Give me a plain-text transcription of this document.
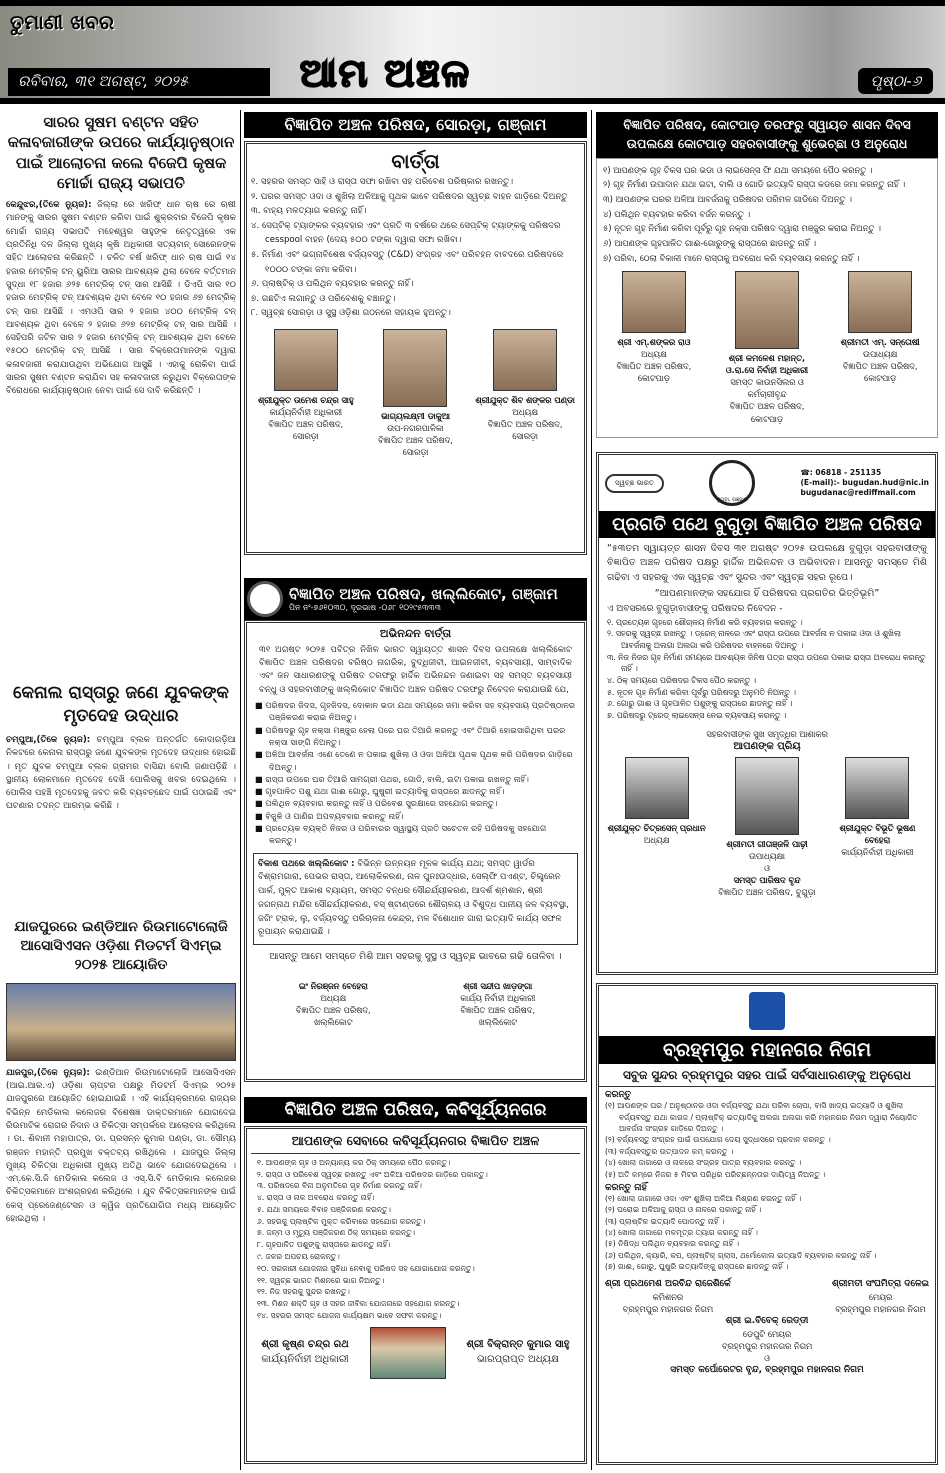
ତୁମାଣୀ ଖବର
ରବିବାର, ୩୧ ଅଗଷ୍ଟ, ୨୦୨୫	ଆମ ଅଞ୍ଚଳ	ପୃଷ୍ଠା-୬
ସାରର ସୁଷମ ବଣ୍ଟନ ସହିତ କଳାବଜାରୀଙ୍କ ଉପରେ କାର୍ଯ୍ୟାନୁଷ୍ଠାନ ପାଇଁ ଆଲୋଚନା କଲେ ବିଜେପି କୃଷକ ମୋର୍ଚ୍ଚା ରାଜ୍ୟ ସଭାପତି
କେନ୍ଦୁଝର,(ତିକେ ନ୍ୟୁଜ): ଜିଲ୍ଲା ରେ ଖରିଫ୍ ଧାନ ଋଷ ରେ ଋଷୀ ମାନଙ୍କୁ ସାରର ସୁଷମ ବଣ୍ଟନ କରିବା ପାଇଁ ଶୁକ୍ରବାର ବିଜେପି କୃଷକ ମୋର୍ଚ୍ଚା ରାଜ୍ୟ ସଭାପତି ମହେଶ୍ୱର ସାହୁଙ୍କ ନେତୃତ୍ୱରେ ଏକ ପ୍ରତିନିଧି ଦଳ ଜିଲ୍ଲା ମୁଖ୍ୟ କୃଷି ଅଧିକାରୀ ସତ୍ୟବାନ୍ ସୋରେନଙ୍କ ସହିତ ଆଲୋଚନା କରିଛନ୍ତି । ଚଳିତ ବର୍ଷ ଖରିଫ୍ ଧାନ ଋଷ ପାଇଁ ୧୪ ହଜାର ମେଟ୍ରିକ୍ ଟନ୍ ୟୁରିଆ ସାରର ଆବଶ୍ୟକ ଥିଲା ବେଳେ ବର୍ତ୍ତମାନ ସୁଦ୍ଧା ୧୮ ହଜାର ୬୨୫ ମେଟ୍ରିକ୍ ଟନ୍ ସାର ଆସିଛି । ଡିଏପି ସାର ୧୦ ହଜାର ମେଟ୍ରିକ୍ ଟନ୍ ଆବଶ୍ୟକ ଥିବା ବେଳେ ୧୦ ହଜାର ୬୭ ମେଟ୍ରିକ୍ ଟନ୍ ସାର ଆସିଛି । ଏମଓପି ସାର ୨ ହଜାର ୪୦୦ ମେଟ୍ରିକ୍ ଟନ୍ ଆବଶ୍ୟକ ଥିବା ବେଳେ ୨ ହଜାର ୬୨୭ ମେଟ୍ରିକ୍ ଟନ୍ ସାର ଆସିଛି । ସେହିପରି ଜଟିଳ ସାର ୨ ହଜାର ମେଟ୍ରିକ୍ ଟନ୍ ଆବଶ୍ୟକ ଥିବା ବେଳେ ୧୫୦୦ ମେଟ୍ରିକ୍ ଟନ୍ ଆସିଛି । ସାର ବିକ୍ରେତାମାନଙ୍କ ଦ୍ୱାରା କଳାବଜାରୀ କରାଯାଉଥିବା ଅଭିଯୋଗ ଆସୁଛି । ଏହାକୁ ରୋକିବା ପାଇଁ ସାରର ସୁଷମ ବଣ୍ଟନ କରାଯିବା ସହ କଳାବଜାରୀ କରୁଥିବା ବିକ୍ରେତାଙ୍କ ବିରୋଧରେ କାର୍ଯ୍ୟାନୁଷ୍ଠାନ ନେବା ପାଇଁ ସେ ଦାବି କରିଛନ୍ତି ।
କେନାଲ ରାସ୍ତାରୁ ଜଣେ ଯୁବକଙ୍କ ମୃତଦେହ ଉଦ୍ଧାର
ଚମ୍ପୁଆ,(ତିକେ ନ୍ୟୁଜ): ଚମ୍ପୁଆ ବ୍ଲକ ଅନ୍ତର୍ଗତ କୋଦାଗଡ଼ିଆ ନିକଟରେ କେନାଲ ରାସ୍ତାରୁ ଜଣେ ଯୁବକଙ୍କ ମୃତଦେହ ଉଦ୍ଧାର ହୋଇଛି । ମୃତ ଯୁବକ ଚମ୍ପୁଆ ବ୍ଲକ ଗ୍ରାମର ବାସିନ୍ଦା ବୋଲି ଜଣାପଡ଼ିଛି । ସ୍ଥାନୀୟ ଲୋକମାନେ ମୃତଦେହ ଦେଖି ପୋଲିସକୁ ଖବର ଦେଇଥିଲେ । ପୋଲିସ ପହଞ୍ଚି ମୃତଦେହକୁ ଜବତ କରି ବ୍ୟବଚ୍ଛେଦ ପାଇଁ ପଠାଇଛି ଏବଂ ଘଟଣାର ତଦନ୍ତ ଆରମ୍ଭ କରିଛି ।
ଯାଜପୁରରେ ଇଣ୍ଡିଆନ ରିଉମାଟୋଲୋଜି ଆସୋସିଏସନ ଓଡ଼ିଶା ମିଡଟର୍ମ ସିଏମ୍ଇ ୨୦୨୫ ଆୟୋଜିତ
ଯାଜପୁର,(ତିକେ ନ୍ୟୁଜ): ଇଣ୍ଡିଆନ ରିଉମାଟୋଲୋଜି ଆସୋସିଏସନ (ଆଇ.ଆର.ଏ) ଓଡ଼ିଶା ଚାପ୍ଟର ପକ୍ଷରୁ ମିଡଟର୍ମ ସିଏମ୍ଇ ୨୦୨୫ ଯାଜପୁରରେ ଆୟୋଜିତ ହୋଇଯାଇଛି । ଏହି କାର୍ଯ୍ୟକ୍ରମରେ ରାଜ୍ୟର ବିଭିନ୍ନ ମେଡିକାଲ କଲେଜର ବିଶେଷଜ୍ଞ ଡାକ୍ତରମାନେ ଯୋଗଦେଇ ରିଉମାଟିକ ରୋଗର ନିଦାନ ଓ ଚିକିତ୍ସା ସମ୍ପର୍କରେ ଆଲୋଚନା କରିଥିଲେ । ଡା. ଶିବାନୀ ମହାପାତ୍ର, ଡା. ପ୍ରସନ୍ନ କୁମାର ପଣ୍ଡା, ଡା. ସୌମ୍ୟ ରଞ୍ଜନ ମହାନ୍ତି ପ୍ରମୁଖ ବକ୍ତବ୍ୟ ରଖିଥିଲେ । ଯାଜପୁର ଜିଲ୍ଲା ମୁଖ୍ୟ ଚିକିତ୍ସା ଅଧିକାରୀ ମୁଖ୍ୟ ଅତିଥି ଭାବେ ଯୋଗଦେଇଥିଲେ । ଏମ୍.କେ.ସି.ଜି ମେଡିକାଲ କଲେଜ ଓ ଏସ୍.ସି.ବି ମେଡିକାଲ କଲେଜର ଚିକିତ୍ସକମାନେ ଅଂଶଗ୍ରହଣ କରିଥିଲେ । ଯୁବ ଚିକିତ୍ସକମାନଙ୍କ ପାଇଁ କେସ୍ ପ୍ରେଜେଣ୍ଟେସନ ଓ କ୍ୱିଜ ପ୍ରତିଯୋଗିତା ମଧ୍ୟ ଆୟୋଜିତ ହୋଇଥିଲା ।
ବିଜ୍ଞାପିତ ଅଞ୍ଚଳ ପରିଷଦ, ସୋରଡ଼ା, ଗଞ୍ଜାମ
ବାର୍ତ୍ତା
୧. ସହରର ସମସ୍ତ ସାହି ଓ ରାସ୍ତା ସଫା ରଖିବା ସହ ପରିବେଶ ପରିଷ୍କାର ରଖନ୍ତୁ।
୨. ଘରର ସମସ୍ତ ଓଦା ଓ ଶୁଖିଲା ଅଳିଆକୁ ପୃଥକ ଭାବେ ପରିଷଦର ସ୍ୱଚ୍ଛ ବାହନ ଗାଡ଼ିରେ ଦିଅନ୍ତୁ
୩. ବାହ୍ୟ ମଳତ୍ୟାଗ କରନ୍ତୁ ନାହିଁ।
୪. ସେପ୍ଟିକ୍ ଟ୍ୟାଙ୍କର ବ୍ୟବହାର ଏବଂ ପ୍ରତି ୩ ବର୍ଷରେ ଥରେ ସେପ୍ଟିକ୍ ଟ୍ୟାଙ୍କକୁ ପରିଷଦର cesspool ବାହନ (ଦେୟ ୫୦୦ ଟଙ୍କା ଦ୍ୱାରା ସଫା ରଖିବା।
୫. ନିର୍ମାଣ ଏବଂ ଭଗ୍ନାବିଶେଷ ବର୍ଜ୍ୟବସ୍ତୁ (C&D) ସଂଗ୍ରହ ଏବଂ ପରିବହନ ବାବଦରେ ପରିଷଦରେ ୧୦୦୦ ଟଙ୍କା ଜମା କରିବା।
୬. ପ୍ଲାଷ୍ଟିକ୍ ଓ ପଲିଥିନ ବ୍ୟବହାର କରନ୍ତୁ ନାହିଁ।
୭. ଗଛଟିଏ ଲଗାନ୍ତୁ ଓ ପରିବେଶକୁ ବଞ୍ଚାନ୍ତୁ।
୮. ସ୍ୱଚ୍ଛ ସୋରଡ଼ା ଓ ସୁସ୍ଥ ଓଡ଼ିଶା ଗଠନରେ ସହାୟକ ହୁଅନ୍ତୁ।
ଶ୍ରୀଯୁକ୍ତ ଉମେଶ ଚନ୍ଦ୍ର ସାହୁ
କାର୍ଯ୍ୟନିର୍ବାହୀ ଅଧିକାରୀ
ବିଜ୍ଞାପିତ ଅଞ୍ଚଳ ପରିଷଦ, ସୋରଡ଼ା
ଭାଗ୍ୟଲକ୍ଷ୍ମୀ ଡାକୁଆ
ଉପ-ନଗରପାଳିକା
ବିଜ୍ଞାପିତ ଅଞ୍ଚଳ ପରିଷଦ, ସୋରଡ଼ା
ଶ୍ରୀଯୁକ୍ତ ଶିବ ଶଙ୍କର ପଣ୍ଡା
ଅଧ୍ୟକ୍ଷ
ବିଜ୍ଞାପିତ ଅଞ୍ଚଳ ପରିଷଦ, ସୋରଡ଼ା
ବିଜ୍ଞାପିତ ଅଞ୍ଚଳ ପରିଷଦ, ଖଲ୍ଲିକୋଟ, ଗଞ୍ଜାମ
ପିନ ନଂ-୭୬୧୦୩୦, ଦୂରଭାଷ -୦୬୮ ୧୦୨୯୫୩୩୩
ଅଭିନନ୍ଦନ ବାର୍ତ୍ତା
୩୧ ଅଗଷ୍ଟ ୨୦୨୫ ପବିତ୍ର ନିଖିଳ ଭାରତ ସ୍ୱାୟତ୍ତ ଶାସନ ଦିବସ ଉପଲକ୍ଷେ ଖଲ୍ଲିକୋଟ ବିଜ୍ଞାପିତ ଅଞ୍ଚଳ ପରିଷଦର ବରିଷ୍ଠ ନାଗରିକ, ବୁଦ୍ଧିଜୀବୀ, ଆଇନଜୀବୀ, ବ୍ୟବସାୟୀ, ସାମ୍ବାଦିକ ଏବଂ ଜନ ସାଧାରଣଙ୍କୁ ପରିଷଦ ତରଫରୁ ହାର୍ଦ୍ଦିକ ଅଭିନନ୍ଦନ ଜଣାଇବା ସହ ସମସ୍ତ ବ୍ୟବସାୟୀ ବନ୍ଧୁ ଓ ସହରବାସୀଙ୍କୁ ଖଲ୍ଲିକୋଟ ବିଜ୍ଞାପିତ ଅଞ୍ଚଳ ପରିଷଦ ତରଫରୁ ନିବେଦନ କରାଯାଉଛି ଯେ,
■ ପରିଷଦର ଜିଦସ, ଗୃହଜିଦସ, ଦୋକାନ ଭଡା ଯଥା ସମୟରେ ଜମା କରିବା ସହ ବ୍ୟବସାୟ ପ୍ରତିଷ୍ଠାନର ପଞ୍ଜିକରଣ କରାଇ ନିଅନ୍ତୁ।
■ ପରିଷଦରୁ ଗୃହ ନକ୍ସା ମଞ୍ଜୁର ହେଲା ପରେ ଘର ତିଆରି କରନ୍ତୁ ଏବଂ ତିଆରି ହୋଇସାରିଥିବା ଘରର ନକ୍ସା ସାଙ୍ଗି ନିଅନ୍ତୁ।
■ ଅଳିଆ ଆବର୍ଜନା ଏଣେ ତେଣେ ନ ପକାଇ ଶୁଖିଲା ଓ ଓଦା ଅଳିଆ ପୃଥକ ପୃଥକ କରି ପରିଷଦର ଗାଡ଼ିରେ ଦିଅନ୍ତୁ।
■ ରାସ୍ତା ଉପରେ ଘର ତିଆରି ସାମଗ୍ରୀ ପଥର, ଗୋଡି, ବାଲି, ଇଟା ପକାଇ ରଖନ୍ତୁ ନାହିଁ।
■ ଗୃହପାଳିତ ପଶୁ ଯଥା ଗାଈ ଗୋରୁ, ଘୁଷୁରୀ ଇତ୍ୟାଦିକୁ ରାସ୍ତାରେ ଛାଡନ୍ତୁ ନାହିଁ।
■ ପଲିଥିନ ବ୍ୟବହାର କରନ୍ତୁ ନାହିଁ ଓ ପରିବେଶ ସୁରକ୍ଷାରେ ସହଯୋଗ କରନ୍ତୁ।
■ ବିଜୁଳି ଓ ପାଣିର ଅପବ୍ୟବହାର କରନ୍ତୁ ନାହିଁ।
■ ପ୍ରତ୍ୟେକ ବ୍ୟକ୍ତି ନିଜର ଓ ପରିବାରର ସ୍ୱାସ୍ଥ୍ୟ ପ୍ରତି ସଚେତନ ରହି ପରିଷଦକୁ ସହଯୋଗ କରନ୍ତୁ।
ବିକାଶ ପଥରେ ଖଲ୍ଲିକୋଟ : ବିଭିନ୍ନ ଉନ୍ନୟନ ମୂଳକ କାର୍ଯ୍ୟ ଯଥା; ସମସ୍ତ ୱାର୍ଡର ବିଶ୍ରାମଗାରା, ପେଭର ରାସ୍ତା, ଆଲୋକିକରଣ, ନାଳ ପୁନଃଉଦ୍ଧାର, ସେଲ୍ଫି ପଏଣ୍ଟ, ଚିଲ୍ଡ୍ରେନ ପାର୍କ, ମୁକ୍ତ ଆକାଶ ବ୍ୟାୟମ, ସମସ୍ତ ବନ୍ଧର ସୌନ୍ଦର୍ଯ୍ୟୀକରଣ, ଆଦର୍ଶ ଶ୍ମଶାନ, ଶ୍ରୀ ଜଗନ୍ନାଥ ମନ୍ଦିର ସୌନ୍ଦର୍ଯ୍ୟୀକରଣ, ବସ୍ ଷ୍ଟାଣ୍ଡରେ ଶୌଚାଳୟ ଓ ବିଶୁଦ୍ଧ ପାନୀୟ ଜଳ ବ୍ୟବସ୍ଥା, ଜଗିଂ ଟ୍ରାକ, ଲୁ, ବର୍ଜ୍ୟବସ୍ତୁ ପରିଚାଳନା କେନ୍ଦ୍ର, ମଳ ବିଶୋଧାନ ଗାରା ଇତ୍ୟାଦି କାର୍ଯ୍ୟ ସଫଳ ରୂପାୟନ କରାଯାଇଛି ।
ଆସନ୍ତୁ ଆମେ ସମସ୍ତେ ମିଶି ଆମ ସହରକୁ ସୁସ୍ଥ ଓ ସ୍ୱଚ୍ଛ ଭାବରେ ଗଢି ତୋଳିବା ।
ଇଂ ନିରଞ୍ଜନ ବେହେରା
ଅଧ୍ୟକ୍ଷ
ବିଜ୍ଞାପିତ ଅଞ୍ଚଳ ପରିଷଦ, ଖଲ୍ଲିକୋଟ
ଶ୍ରୀ ସନ୍ଦୀପ ଖାଡ଼ଙ୍ଗା
କାର୍ଯ୍ୟ ନିର୍ବାହୀ ଅଧିକାରୀ
ବିଜ୍ଞାପିତ ଅଞ୍ଚଳ ପରିଷଦ, ଖଲ୍ଲିକୋଟ
ବିଜ୍ଞାପିତ ଅଞ୍ଚଳ ପରିଷଦ, କବିସୂର୍ଯ୍ୟନଗର
ଆପଣଙ୍କ ସେବାରେ କବିସୂର୍ଯ୍ୟନଗର ବିଜ୍ଞାପିତ ଅଞ୍ଚଳ
୧. ଆପଣଙ୍କ ଗୃହ ଓ ଅନ୍ୟାନ୍ୟ କର ଠିକ୍ ସମୟରେ ପୈଠ କରନ୍ତୁ।
୨. ରାସ୍ତା ଓ ପରିବେଶ ସ୍ୱଚ୍ଛ ରଖନ୍ତୁ ଏବଂ ଅଳିଆ ପରିଷଦର ଗାଡ଼ିରେ ପକାନ୍ତୁ।
୩. ପରିଷଦରେ ବିନା ଅନୁମତିରେ ଗୃହ ନିର୍ମାଣ କରନ୍ତୁ ନାହିଁ।
୪. ରାସ୍ତା ଓ ନାଳ ଅବରୋଧ କରନ୍ତୁ ନାହିଁ।
୫. ଯଥା ସମୟରେ ବିବାହ ପଞ୍ଜିକରଣ କରନ୍ତୁ।
୬. ସହରକୁ ପ୍ଲାଷ୍ଟିକ ମୁକ୍ତ କରିବାରେ ସହଯୋଗ କରନ୍ତୁ।
୭. ଜନ୍ମ ଓ ମୃତ୍ୟୁ ପଞ୍ଜିକରଣ ଠିକ୍ ସମୟରେ କରନ୍ତୁ।
୮. ଗୃହପାଳିତ ପଶୁଙ୍କୁ ରାସ୍ତାରେ ଛାଡନ୍ତୁ ନାହିଁ।
୯. ଜଳର ଅପଚୟ ରୋକନ୍ତୁ।
୧୦. ସରକାରୀ ଯୋଜନାର ସୁବିଧା ନେବାକୁ ପରିଷଦ ସହ ଯୋଗାଯୋଗ କରନ୍ତୁ।
୧୧. ସ୍ୱଚ୍ଛ ଭାରତ ମିଶନରେ ଭାଗ ନିଅନ୍ତୁ।
୧୨. ନିଜ ସହରକୁ ସୁନ୍ଦର ରଖନ୍ତୁ।
୧୩. ମିଶନ ଶକ୍ତି ଗୃହ ଓ ସହର ଜୀବିକା ଯୋଜନାରେ ସହଯୋଗ କରନ୍ତୁ।
୧୪. ସହରର ସମସ୍ତ ଯୋଜନା କାର୍ଯ୍ୟକ୍ଷମ ଭାବେ ସଫଳ କରନ୍ତୁ।
ଶ୍ରୀ କୃଷ୍ଣ ଚନ୍ଦ୍ର ରଥ
କାର୍ଯ୍ୟନିର୍ବାହୀ ଅଧିକାରୀ
ଶ୍ରୀ ବିକ୍ରାନ୍ତ କୁମାର ସାହୁ
ଭାରପ୍ରାପ୍ତ ଅଧ୍ୟକ୍ଷ
ବିଜ୍ଞାପିତ ପରିଷଦ, କୋଟପାଡ଼ ତରଫରୁ ସ୍ୱାୟତ ଶାସନ ଦିବସ ଉପଲକ୍ଷେ କୋଟପାଡ଼ ସହରବାସୀଙ୍କୁ ଶୁଭେଚ୍ଛା ଓ ଅନୁରୋଧ
୧) ଆପଣଙ୍କ ଗୃହ ଟିକସ ଘର ଭଡା ଓ ଲାଇସେନ୍ସ ଫି ଯଥା ସମୟରେ ପୈଠ କରନ୍ତୁ ।
୨) ଗୃହ ନିର୍ମାଣ ଉପାଦାନ ଯଥା ଇଟା, ବାଲି ଓ ଗୋଡି ଇତ୍ୟାଦି ରାସ୍ତା କଡରେ ଜମା କରନ୍ତୁ ନାହିଁ ।
୩) ଆପଣଙ୍କ ଘରର ଅଳିଆ ଆବର୍ଜନାକୁ ପରିଷଦର ପରିମଳ ଗାଡିରେ ଦିଅନ୍ତୁ ।
୪) ପଲିଥିନ ବ୍ୟବହାର କରିବା ବର୍ଜନ କରନ୍ତୁ ।
୫) ନୂତନ ଗୃହ ନିର୍ମାଣ କରିବା ପୂର୍ବରୁ ଗୃହ ନକ୍ସା ପରିଷଦ ଦ୍ୱାରା ମଞ୍ଜୁର କରାଇ ନିଅନ୍ତୁ ।
୬) ଆପଣଙ୍କ ଗୃହପାଳିତ ଗାଈ-ଗୋରୁଙ୍କୁ ରାସ୍ତାରେ ଛାଡନ୍ତୁ ନାହିଁ ।
୭) ପରିବା, ଠେଲା ବିକାଳୀ ମାନେ ରାସ୍ତାକୁ ଅବରୋଧ କରି ବ୍ୟବସାୟ କରନ୍ତୁ ନାହିଁ ।
ଶ୍ରୀ ଏମ୍.ଶଙ୍କର ରାଓ
ଅଧ୍ୟକ୍ଷ
ବିଜ୍ଞାପିତ ଅଞ୍ଚଳ ପରିଷଦ, କୋଟପାଡ଼
ଶ୍ରୀ କମଳେଶ ମହାନ୍ତ, ଓ.ରା.ସେ ନିର୍ବାହୀ ଅଧିକାରୀ
ସମସ୍ତ କାଉନସିଲର ଓ କର୍ମଚାରୀବୃନ୍ଦ
ବିଜ୍ଞାପିତ ଅଞ୍ଚଳ ପରିଷଦ, କୋଟପାଡ଼
ଶ୍ରୀମତୀ ଏମ୍. ସନ୍ତୋଷୀ
ଉପାଧ୍ୟକ୍ଷ
ବିଜ୍ଞାପିତ ଅଞ୍ଚଳ ପରିଷଦ, କୋଟପାଡ଼
ସ୍ୱଚ୍ଛ ଭାରତ
ବୁଗୁଡ଼ା, ଗଞ୍ଜାମ
☎: 06818 - 251135
(E-mail):- bugudan.hud@nic.in
bugudanac@rediffmail.com
ପ୍ରଗତି ପଥେ ବୁଗୁଡ଼ା ବିଜ୍ଞାପିତ ଅଞ୍ଚଳ ପରିଷଦ
“୫୩ତମ ସ୍ୱାୟତ୍ତ ଶାସନ ଦିବସ ୩୧ ଅଗଷ୍ଟ ୨୦୨୫ ଉପଲକ୍ଷେ ବୁଗୁଡ଼ା ସହରବାସୀଙ୍କୁ ବିଜ୍ଞାପିତ ଅଞ୍ଚଳ ପରିଷଦ ପକ୍ଷରୁ ହାର୍ଦ୍ଦିକ ଅଭିନନ୍ଦନ ଓ ଅଭିବାଦନ। ଆସନ୍ତୁ ସମସ୍ତେ ମିଶି ଗଢିବା ଏ ସହରକୁ ଏକ ସ୍ୱଚ୍ଛ ଏବଂ ସୁନ୍ଦର ଏବଂ ସ୍ୱଚ୍ଛ ସହର ରୂପେ।
“ଆପଣମାନଙ୍କ ସହଯୋଗ ହିଁ ପରିଷଦର ପ୍ରଗତିର ଭିତ୍ତିଭୂମି”
ଏ ଅବସରରେ ବୁଗୁଡ଼ାବାସୀଙ୍କୁ ପରିଷଦର ନିବେଦନ -
୧. ପ୍ରତ୍ୟେକ ଗୃହରେ ଶୌଚାଳୟ ନିର୍ମାଣ କରି ବ୍ୟବହାର କରନ୍ତୁ ।
୨. ସହରକୁ ସ୍ୱଚ୍ଛ ରଖନ୍ତୁ । ଡ୍ରେନ୍ ନାଳରେ ଏବଂ ରାସ୍ତା ଉପରେ ଆବର୍ଜନା ନ ପକାଇ ଓଦା ଓ ଶୁଖିଲା ଆବର୍ଜନାକୁ ଅଲଗା ଅଲଗା କରି ପରିଷଦର ବାହନରେ ଦିଅନ୍ତୁ ।
୩. ନିଜ ନିଜର ଗୃହ ନିର୍ମାଣ ସମୟରେ ଆବଶ୍ୟକ ଜିନିଷ ପତ୍ର ରାସ୍ତା ଉପରେ ପକାଇ ରାସ୍ତା ଅବରୋଧ କରନ୍ତୁ ନାହିଁ ।
୪. ଠିକ୍ ସମୟରେ ପରିଷଦର ଟିକସ ପୈଠ କରନ୍ତୁ ।
୫. ନୂତନ ଗୃହ ନିର୍ମାଣ କରିବା ପୂର୍ବରୁ ପରିଷଦରୁ ଅନୁମତି ନିଅନ୍ତୁ ।
୬. ଗୋରୁ ଗାଈ ଓ ଗୃହପାଳିତ ପଶୁଙ୍କୁ ରାସ୍ତାରେ ଛାଡନ୍ତୁ ନାହିଁ ।
୭. ପରିଷଦରୁ ଟ୍ରେଡ୍ ଲାଇସେନ୍ସ ନେଇ ବ୍ୟବସାୟ କରନ୍ତୁ ।
ସହରବାସୀଙ୍କ ସୁଖ ସମୃଦ୍ଧିର ଆଶାକର
ଆପଣଙ୍କ ପ୍ରିୟ
ଶ୍ରୀଯୁକ୍ତ ଚିତ୍ରସେନ୍ ପ୍ରଧାନ
ଅଧ୍ୟକ୍ଷ	ଶ୍ରୀମତୀ ଗୀତାଞ୍ଜଳି ପାଢ଼ୀ
ଉପାଧ୍ୟକ୍ଷା
ଶ୍ରୀଯୁକ୍ତ ବିଭୂତି ଭୂଷଣ ବେହେରା
କାର୍ଯ୍ୟନିର୍ବାହୀ ଅଧିକାରୀ
ଓ
ସମସ୍ତ ପାରିଷଦ ବୃନ୍ଦ
ବିଜ୍ଞାପିତ ଅଞ୍ଚଳ ପରିଷଦ, ବୁଗୁଡ଼ା
ବ୍ରହ୍ମପୁର ମହାନଗର ନିଗମ
ସବୁଜ ସୁନ୍ଦର ବ୍ରହ୍ମପୁର ସହର ପାଇଁ ସର୍ବସାଧାରଣଙ୍କୁ ଅନୁରୋଧ
କରନ୍ତୁ
(୧) ଆପଣଙ୍କ ଘର / ଅନୁଷ୍ଠାନର ଓଦା ବର୍ଜ୍ୟବସ୍ତୁ ଯଥା ପରିବା ଚୋପା, ବାସି ଖାଦ୍ୟ ଇତ୍ୟାଦି ଓ ଶୁଖିଲା ବର୍ଜ୍ୟବସ୍ତୁ ଯଥା କାଗଜ / ପ୍ଲାଷ୍ଟିକ୍ ଇତ୍ୟାଦିକୁ ଅଲଗା ଅଲଗା କରି ମହାନଗର ନିଗମ ଦ୍ୱାରା ନିୟୋଜିତ ଆବର୍ଜନା ସଂଗ୍ରହ ଗାଡ଼ିରେ ଦିଅନ୍ତୁ ।
(୨) ବର୍ଜ୍ୟବସ୍ତୁ ସଂଗ୍ରହ ପାଇଁ ଉପଯୋଗ ଦେୟ ସୁଦ୍ଧାସରେ ପ୍ରଦାନ କରନ୍ତୁ ।
(୩) ବର୍ଜ୍ୟବସ୍ତୁର ଉତ୍ପାଦନ କମ୍ କରନ୍ତୁ ।
(୪) ଖୋଲା ଜାଗାରେ ଓ ନାଳରେ ସଂଗ୍ରହ ପାତ୍ର ବ୍ୟବହାର କରନ୍ତୁ ।
(୫) ଅତି କମ୍‌ରେ ନିଜର ୫ ମିଟର ପରିଧିର ପରିଚ୍ଛନ୍ନତାର ଦାୟିତ୍ୱ ନିଅନ୍ତୁ ।
କରନ୍ତୁ ନାହିଁ
(୧) ଖୋଲା ଜାଗାରେ ଓଦା ଏବଂ ଶୁଖିଲା ଅଳିଆ ମିଶ୍ରଣ କରନ୍ତୁ ନାହିଁ ।
(୨) ଘରୋଇ ଅଳିଆକୁ ରାସ୍ତା ଓ ନାଳରେ ପକାନ୍ତୁ ନାହିଁ ।
(୩) ପ୍ଲାଷ୍ଟିକ ଇତ୍ୟାଦି ପୋଡନ୍ତୁ ନାହିଁ ।
(୪) ଖୋଲା ଜାଗାରେ ମଳମୂତ୍ର ତ୍ୟାଗ କରନ୍ତୁ ନାହିଁ ।
(୫) ନିଷିଦ୍ଧ ପଲିଥିନ ବ୍ୟବହାର କରନ୍ତୁ ନାହିଁ ।
(୬) ପଲିଥିନ, କ୍ୟାରି, କପ, ପ୍ଲାଷ୍ଟିକ୍ ଗ୍ଲାସ, ଥର୍ମୋକୋଲ ଇତ୍ୟାଦି ବ୍ୟବହାର କରନ୍ତୁ ନାହିଁ ।
(୭) ଗାଈ, ଗୋରୁ, ଘୁଷୁରି ଇତ୍ୟାଦିଙ୍କୁ ରାସ୍ତାରେ ଛାଡନ୍ତୁ ନାହିଁ ।
ଶ୍ରୀ ପ୍ରଥମେଶ ଅରବିନ୍ଦ ରାଜେଶିର୍କେ
କମିଶନର
ବ୍ରହ୍ମପୁର ମହାନଗର ନିଗମ
ଶ୍ରୀମତୀ ସଂଘମିତ୍ରା ଦଳେଇ
ମେୟର
ବ୍ରହ୍ମପୁର ମହାନଗର ନିଗମ
ଶ୍ରୀ ଇ.ବିବେକ୍ ରେଡ୍ଡୀ
ଡେପୁଟି ମେୟର
ବ୍ରହ୍ମପୁର ମହାନଗର ନିଗମ
ଓ
ସମସ୍ତ କର୍ପୋରେଟର ବୃନ୍ଦ, ବ୍ରହ୍ମପୁର ମହାନଗର ନିଗମ
